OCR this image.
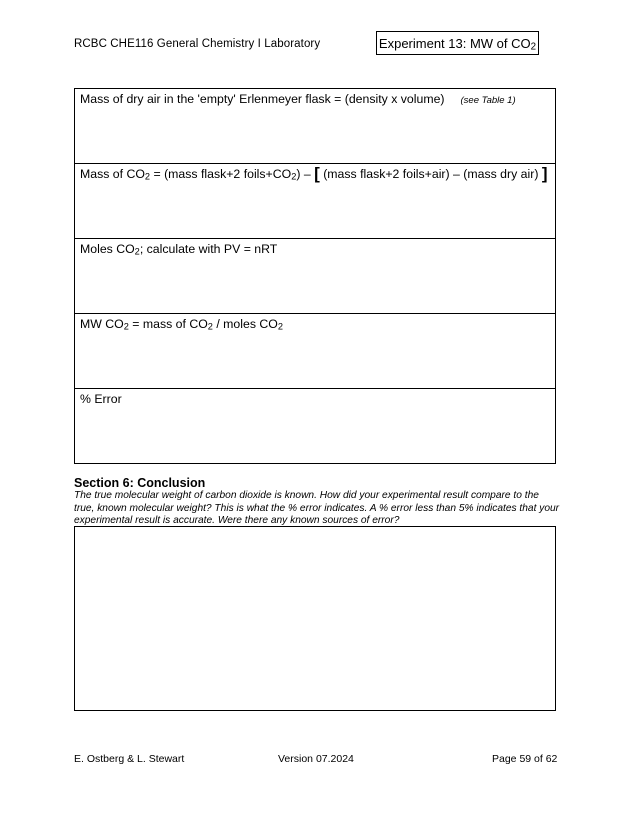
RCBC CHE116 General Chemistry I Laboratory	Experiment 13: MW of $CO_2$
Mass of dry air in the 'empty' Erlenmeyer flask = (density x volume) (see Table 1)
Mass of $CO_2$ = (mass flask+2 $foils+CO_2$) – [ (mass flask+2 foils+air) – (mass dry air) ]
Moles $CO_2$; calculate with PV = nRT
MW $CO_2$ = mass of $CO_2$ / moles $CO_2$
% Error
Section 6: Conclusion
The true molecular weight of carbon dioxide is known. How did your experimental result compare to the true, known molecular weight? This is what the % error indicates. A % error less than 5% indicates that your experimental result is accurate. Were there any known sources of error?
E. Ostberg & L. Stewart	Version 07.2024	Page 59 of 62
